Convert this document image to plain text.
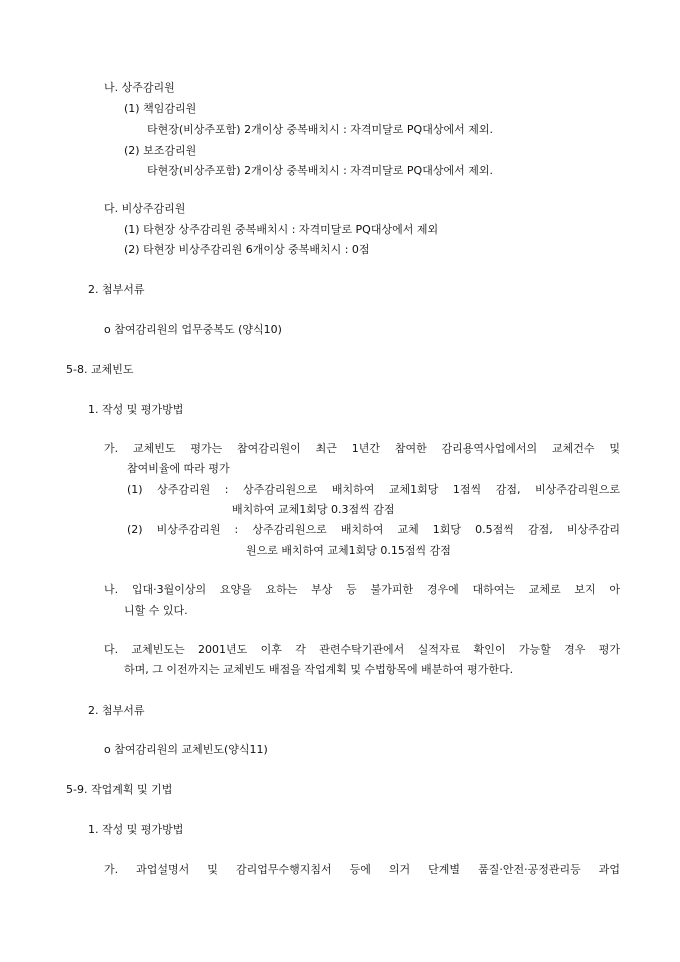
나. 상주감리원
(1) 책임감리원
타현장(비상주포함) 2개이상 중복배치시 : 자격미달로 PQ대상에서 제외.
(2) 보조감리원
타현장(비상주포함) 2개이상 중복배치시 : 자격미달로 PQ대상에서 제외.
다. 비상주감리원
(1) 타현장 상주감리원 중복배치시 : 자격미달로 PQ대상에서 제외
(2) 타현장 비상주감리원 6개이상 중복배치시 : 0점
2. 첨부서류
o 참여감리원의 업무중복도 (양식10)
5-8. 교체빈도
1. 작성 및 평가방법
가. 교체빈도 평가는 참여감리원이 최근 1년간 참여한 감리용역사업에서의 교체건수 및
참여비율에 따라 평가
(1) 상주감리원 : 상주감리원으로 배치하여 교체1회당 1점씩 감점, 비상주감리원으로
배치하여 교체1회당 0.3점씩 감점
(2) 비상주감리원 : 상주감리원으로 배치하여 교체 1회당 0.5점씩 감점, 비상주감리
원으로 배치하여 교체1회당 0.15점씩 감점
나. 입대·3월이상의 요양을 요하는 부상 등 불가피한 경우에 대하여는 교체로 보지 아
니할 수 있다.
다. 교체빈도는 2001년도 이후 각 관련수탁기관에서 실적자료 확인이 가능할 경우 평가
하며, 그 이전까지는 교체빈도 배점을 작업계획 및 수법항목에 배분하여 평가한다.
2. 첨부서류
o 참여감리원의 교체빈도(양식11)
5-9. 작업계획 및 기법
1. 작성 및 평가방법
가. 과업설명서 및 감리업무수행지침서 등에 의거 단계별 품질·안전·공정관리등 과업
